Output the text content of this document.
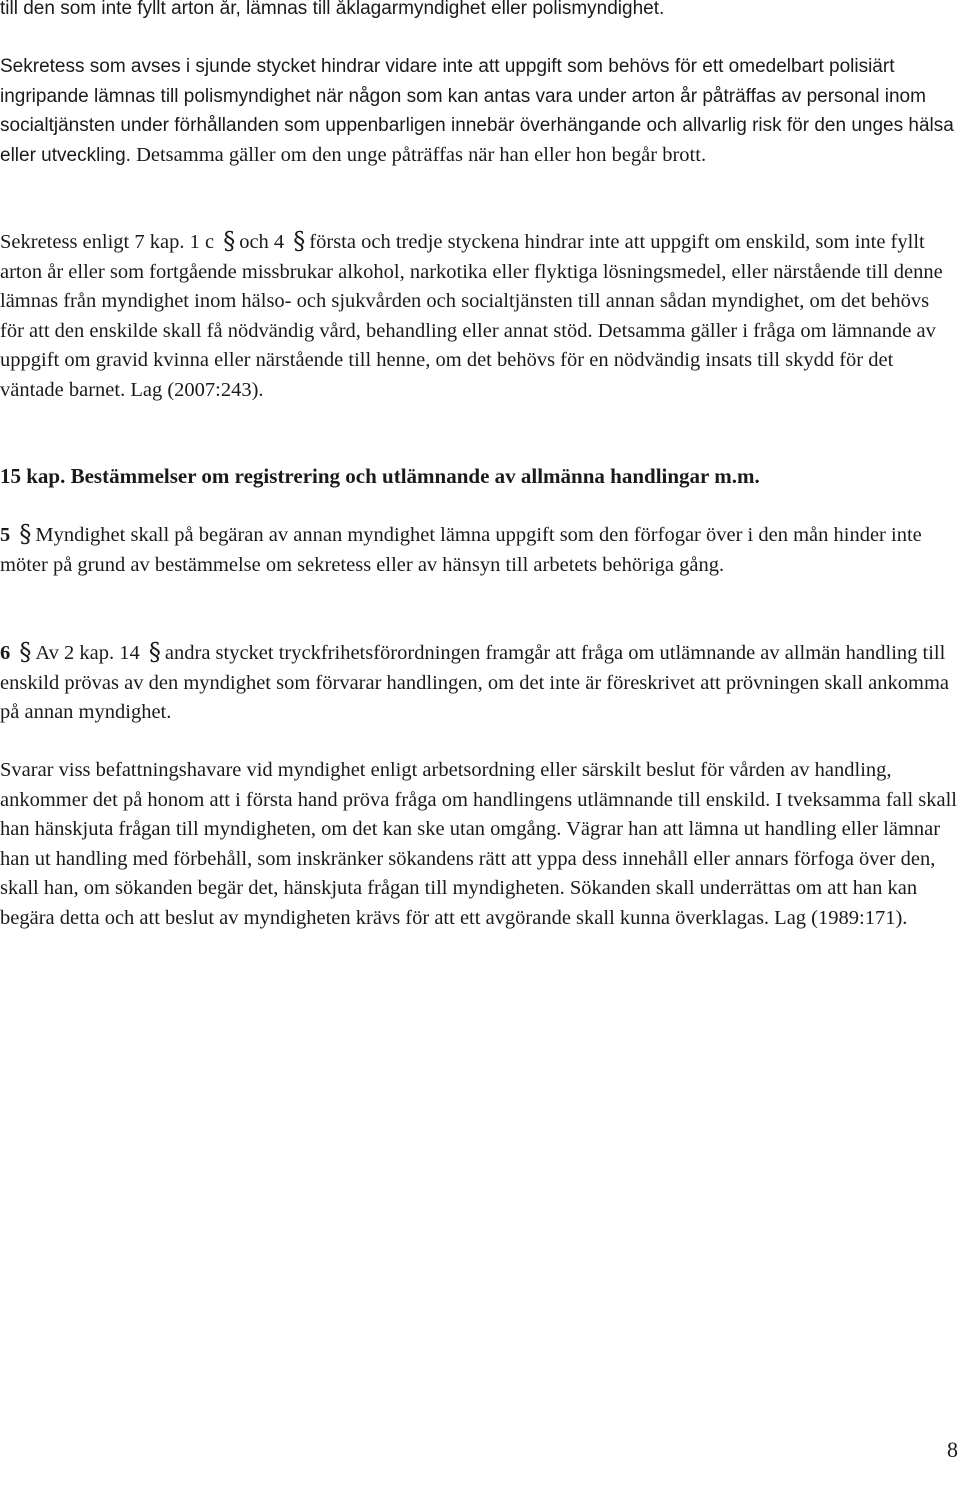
till den som inte fyllt arton år, lämnas till åklagarmyndighet eller polismyndighet.

Sekretess som avses i sjunde stycket hindrar vidare inte att uppgift som behövs för ett omedelbart polisiärt ingripande lämnas till polismyndighet när någon som kan antas vara under arton år påträffas av personal inom socialtjänsten under förhållanden som uppenbarligen innebär överhängande och allvarlig risk för den unges hälsa eller utveckling. Detsamma gäller om den unge påträffas när han eller hon begår brott.

Sekretess enligt 7 kap. 1 c § och 4 § första och tredje styckena hindrar inte att uppgift om enskild, som inte fyllt arton år eller som fortgående missbrukar alkohol, narkotika eller flyktiga lösningsmedel, eller närstående till denne lämnas från myndighet inom hälso- och sjukvården och socialtjänsten till annan sådan myndighet, om det behövs för att den enskilde skall få nödvändig vård, behandling eller annat stöd. Detsamma gäller i fråga om lämnande av uppgift om gravid kvinna eller närstående till henne, om det behövs för en nödvändig insats till skydd för det väntade barnet. Lag (2007:243).

15 kap. Bestämmelser om registrering och utlämnande av allmänna handlingar m.m.

5 § Myndighet skall på begäran av annan myndighet lämna uppgift som den förfogar över i den mån hinder inte möter på grund av bestämmelse om sekretess eller av hänsyn till arbetets behöriga gång.

6 § Av 2 kap. 14 § andra stycket tryckfrihetsförordningen framgår att fråga om utlämnande av allmän handling till enskild prövas av den myndighet som förvarar handlingen, om det inte är föreskrivet att prövningen skall ankomma på annan myndighet.

Svarar viss befattningshavare vid myndighet enligt arbetsordning eller särskilt beslut för vården av handling, ankommer det på honom att i första hand pröva fråga om handlingens utlämnande till enskild. I tveksamma fall skall han hänskjuta frågan till myndigheten, om det kan ske utan omgång. Vägrar han att lämna ut handling eller lämnar han ut handling med förbehåll, som inskränker sökandens rätt att yppa dess innehåll eller annars förfoga över den, skall han, om sökanden begär det, hänskjuta frågan till myndigheten. Sökanden skall underrättas om att han kan begära detta och att beslut av myndigheten krävs för att ett avgörande skall kunna överklagas. Lag (1989:171).

8
